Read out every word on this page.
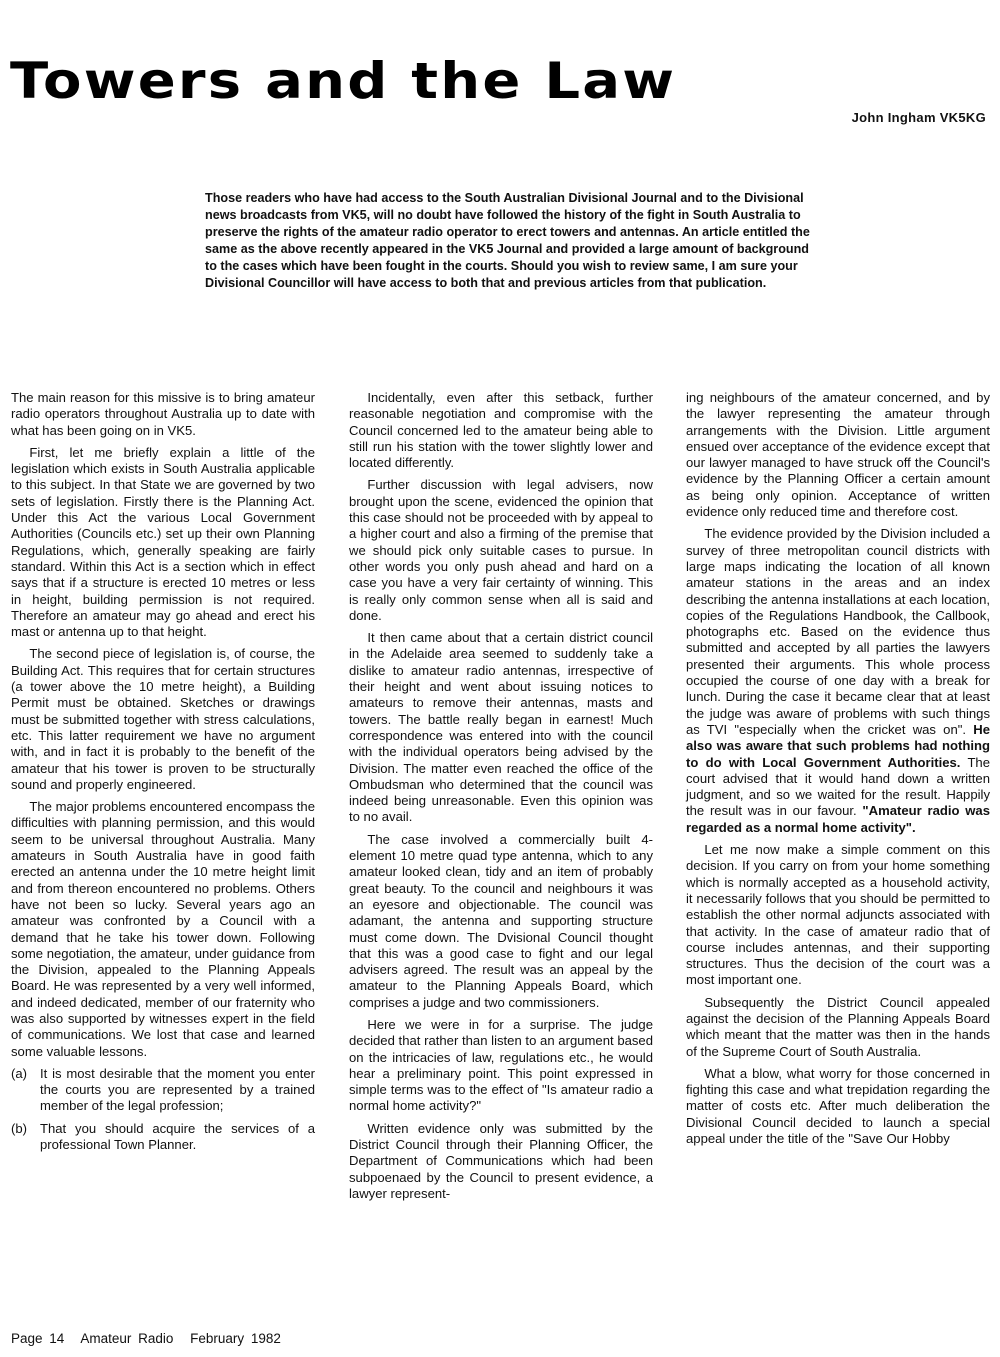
Towers and the Law
John Ingham VK5KG

Those readers who have had access to the South Australian Divisional Journal and to the Divisional news broadcasts from VK5, will no doubt have followed the history of the fight in South Australia to preserve the rights of the amateur radio operator to erect towers and antennas. An article entitled the same as the above recently appeared in the VK5 Journal and provided a large amount of background to the cases which have been fought in the courts. Should you wish to review same, I am sure your Divisional Councillor will have access to both that and previous articles from that publication.

The main reason for this missive is to bring amateur radio operators throughout Australia up to date with what has been going on in VK5.

First, let me briefly explain a little of the legislation which exists in South Australia applicable to this subject. In that State we are governed by two sets of legislation. Firstly there is the Planning Act. Under this Act the various Local Government Authorities (Councils etc.) set up their own Planning Regulations, which, generally speaking are fairly standard. Within this Act is a section which in effect says that if a structure is erected 10 metres or less in height, building permission is not required. Therefore an amateur may go ahead and erect his mast or antenna up to that height.

The second piece of legislation is, of course, the Building Act. This requires that for certain structures (a tower above the 10 metre height), a Building Permit must be obtained. Sketches or drawings must be submitted together with stress calculations, etc. This latter requirement we have no argument with, and in fact it is probably to the benefit of the amateur that his tower is proven to be structurally sound and properly engineered.

The major problems encountered encompass the difficulties with planning permission, and this would seem to be universal throughout Australia. Many amateurs in South Australia have in good faith erected an antenna under the 10 metre height limit and from thereon encountered no problems. Others have not been so lucky. Several years ago an amateur was confronted by a Council with a demand that he take his tower down. Following some negotiation, the amateur, under guidance from the Division, appealed to the Planning Appeals Board. He was represented by a very well informed, and indeed dedicated, member of our fraternity who was also supported by witnesses expert in the field of communications. We lost that case and learned some valuable lessons.

(a) It is most desirable that the moment you enter the courts you are represented by a trained member of the legal profession;
(b) That you should acquire the services of a professional Town Planner.

Incidentally, even after this setback, further reasonable negotiation and compromise with the Council concerned led to the amateur being able to still run his station with the tower slightly lower and located differently.

Further discussion with legal advisers, now brought upon the scene, evidenced the opinion that this case should not be proceeded with by appeal to a higher court and also a firming of the premise that we should pick only suitable cases to pursue. In other words you only push ahead and hard on a case you have a very fair certainty of winning. This is really only common sense when all is said and done.

It then came about that a certain district council in the Adelaide area seemed to suddenly take a dislike to amateur radio antennas, irrespective of their height and went about issuing notices to amateurs to remove their antennas, masts and towers. The battle really began in earnest! Much correspondence was entered into with the council with the individual operators being advised by the Division. The matter even reached the office of the Ombudsman who determined that the council was indeed being unreasonable. Even this opinion was to no avail.

The case involved a commercially built 4-element 10 metre quad type antenna, which to any amateur looked clean, tidy and an item of probably great beauty. To the council and neighbours it was an eyesore and objectionable. The council was adamant, the antenna and supporting structure must come down. The Dvisional Council thought that this was a good case to fight and our legal advisers agreed. The result was an appeal by the amateur to the Planning Appeals Board, which comprises a judge and two commissioners.

Here we were in for a surprise. The judge decided that rather than listen to an argument based on the intricacies of law, regulations etc., he would hear a preliminary point. This point expressed in simple terms was to the effect of "Is amateur radio a normal home activity?"

Written evidence only was submitted by the District Council through their Planning Officer, the Department of Communications which had been subpoenaed by the Council to present evidence, a lawyer represent-

ing neighbours of the amateur concerned, and by the lawyer representing the amateur through arrangements with the Division. Little argument ensued over acceptance of the evidence except that our lawyer managed to have struck off the Council's evidence by the Planning Officer a certain amount as being only opinion. Acceptance of written evidence only reduced time and therefore cost.

The evidence provided by the Division included a survey of three metropolitan council districts with large maps indicating the location of all known amateur stations in the areas and an index describing the antenna installations at each location, copies of the Regulations Handbook, the Callbook, photographs etc. Based on the evidence thus submitted and accepted by all parties the lawyers presented their arguments. This whole process occupied the course of one day with a break for lunch. During the case it became clear that at least the judge was aware of problems with such things as TVI "especially when the cricket was on". He also was aware that such problems had nothing to do with Local Government Authorities. The court advised that it would hand down a written judgment, and so we waited for the result. Happily the result was in our favour. "Amateur radio was regarded as a normal home activity".

Let me now make a simple comment on this decision. If you carry on from your home something which is normally accepted as a household activity, it necessarily follows that you should be permitted to establish the other normal adjuncts associated with that activity. In the case of amateur radio that of course includes antennas, and their supporting structures. Thus the decision of the court was a most important one.

Subsequently the District Council appealed against the decision of the Planning Appeals Board which meant that the matter was then in the hands of the Supreme Court of South Australia.

What a blow, what worry for those concerned in fighting this case and what trepidation regarding the matter of costs etc. After much deliberation the Divisional Council decided to launch a special appeal under the title of the "Save Our Hobby

Page 14 Amateur Radio February 1982
